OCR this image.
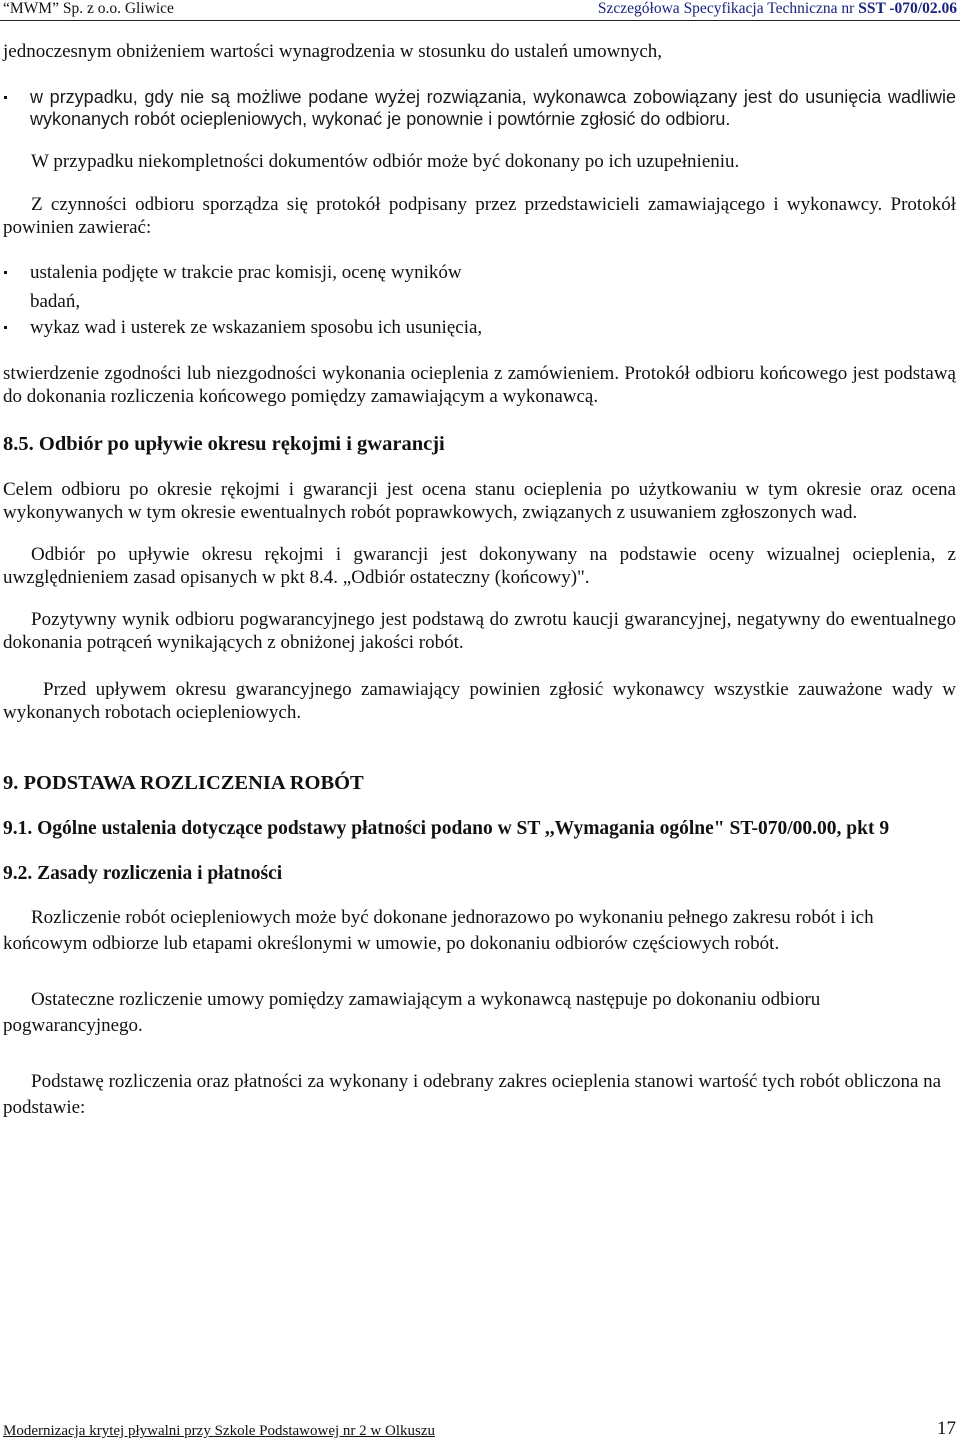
“MWM” Sp. z o.o. Gliwice	Szczegółowa Specyfikacja Techniczna nr SST -070/02.06

jednoczesnym obniżeniem wartości wynagrodzenia w stosunku do ustaleń umownych,

w przypadku, gdy nie są możliwe podane wyżej rozwiązania, wykonawca zobowiązany jest do usunięcia wadliwie wykonanych robót ociepleniowych, wykonać je ponownie i powtórnie zgłosić do odbioru.

W przypadku niekompletności dokumentów odbiór może być dokonany po ich uzupełnieniu.

Z czynności odbioru sporządza się protokół podpisany przez przedstawicieli zamawiającego i wykonawcy. Protokół powinien zawierać:

ustalenia podjęte w trakcie prac komisji, ocenę wyników

badań,

wykaz wad i usterek ze wskazaniem sposobu ich usunięcia,

stwierdzenie zgodności lub niezgodności wykonania ocieplenia z zamówieniem. Protokół odbioru końcowego jest podstawą do dokonania rozliczenia końcowego pomiędzy zamawiającym a wykonawcą.

8.5. Odbiór po upływie okresu rękojmi i gwarancji

Celem odbioru po okresie rękojmi i gwarancji jest ocena stanu ocieplenia po użytkowaniu w tym okresie oraz ocena wykonywanych w tym okresie ewentualnych robót poprawkowych, związanych z usuwaniem zgłoszonych wad.

Odbiór po upływie okresu rękojmi i gwarancji jest dokonywany na podstawie oceny wizualnej ocieplenia, z uwzględnieniem zasad opisanych w pkt 8.4. „Odbiór ostateczny (końcowy)".

Pozytywny wynik odbioru pogwarancyjnego jest podstawą do zwrotu kaucji gwarancyjnej, negatywny do ewentualnego dokonania potrąceń wynikających z obniżonej jakości robót.

Przed upływem okresu gwarancyjnego zamawiający powinien zgłosić wykonawcy wszystkie zauważone wady w wykonanych robotach ociepleniowych.

9. PODSTAWA ROZLICZENIA ROBÓT
9.1. Ogólne ustalenia dotyczące podstawy płatności podano w ST ,,Wymagania ogólne" ST-070/00.00, pkt 9
9.2. Zasady rozliczenia i płatności

Rozliczenie robót ociepleniowych może być dokonane jednorazowo po wykonaniu pełnego zakresu robót i ich końcowym odbiorze lub etapami określonymi w umowie, po dokonaniu odbiorów częściowych robót.

Ostateczne rozliczenie umowy pomiędzy zamawiającym a wykonawcą następuje po dokonaniu odbioru pogwarancyjnego.

Podstawę rozliczenia oraz płatności za wykonany i odebrany zakres ocieplenia stanowi wartość tych robót obliczona na podstawie:

Modernizacja krytej pływalni przy Szkole Podstawowej nr 2 w Olkuszu	17
